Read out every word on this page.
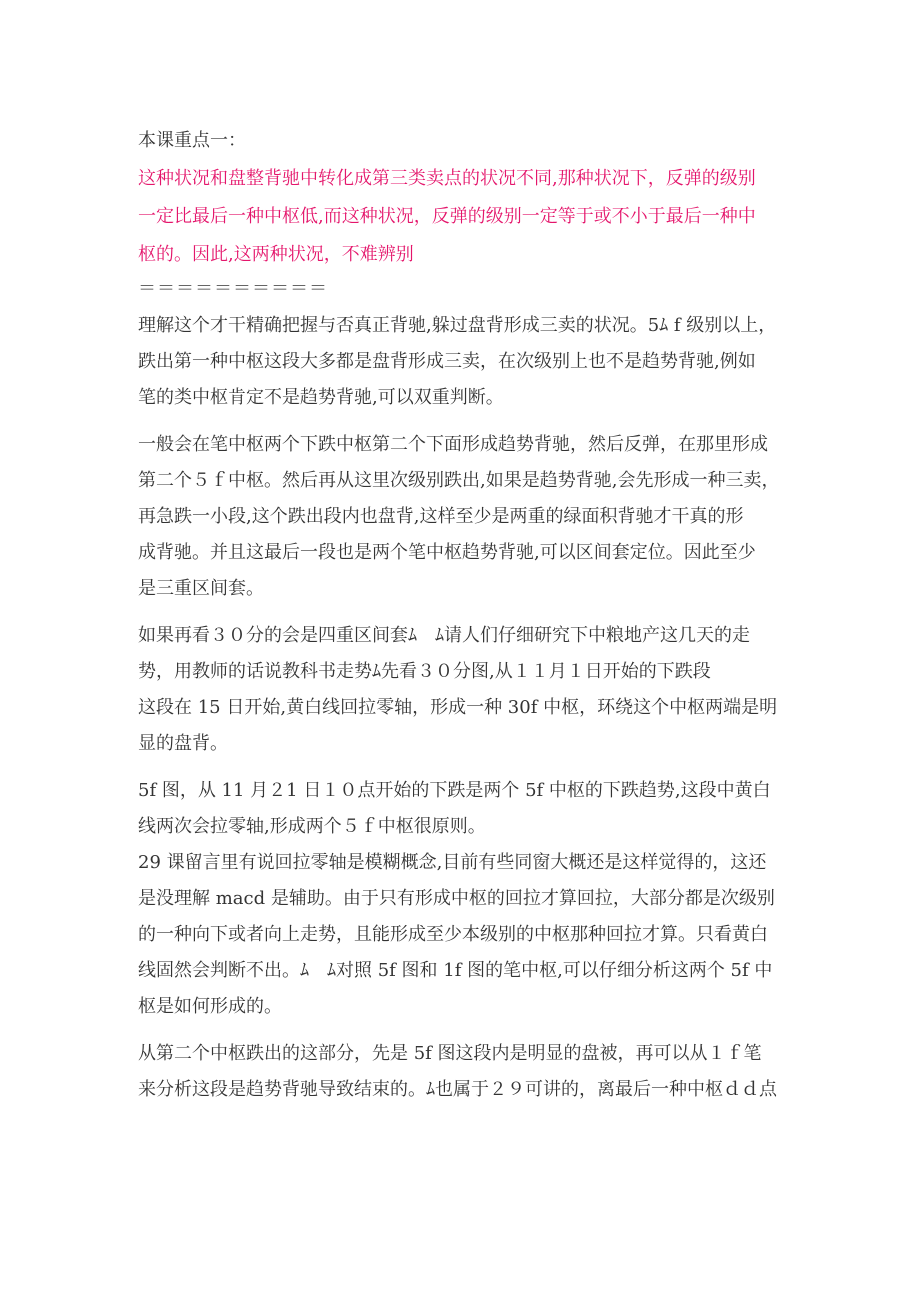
本课重点一：

这种状况和盘整背驰中转化成第三类卖点的状况不同,那种状况下，反弹的级别
一定比最后一种中枢低,而这种状况，反弹的级别一定等于或不小于最后一种中
枢的。因此,这两种状况，不难辨别

＝＝＝＝＝＝＝＝＝＝

理解这个才干精确把握与否真正背驰,躲过盘背形成三卖的状况。5ﾑ f 级别以上，
跌出第一种中枢这段大多都是盘背形成三卖，在次级别上也不是趋势背驰,例如
笔的类中枢肯定不是趋势背驰,可以双重判断。
一般会在笔中枢两个下跌中枢第二个下面形成趋势背驰，然后反弹，在那里形成
第二个５ｆ中枢。然后再从这里次级别跌出,如果是趋势背驰,会先形成一种三卖，
再急跌一小段,这个跌出段内也盘背,这样至少是两重的绿面积背驰才干真的形
成背驰。并且这最后一段也是两个笔中枢趋势背驰,可以区间套定位。因此至少
是三重区间套。
如果再看３０分的会是四重区间套ﾑ　ﾑ请人们仔细研究下中粮地产这几天的走
势，用教师的话说教科书走势ﾑ先看３０分图,从１１月１日开始的下跌段
这段在 15 日开始,黄白线回拉零轴，形成一种 30f 中枢，环绕这个中枢两端是明
显的盘背。
5f 图，从 11 月２1 日１０点开始的下跌是两个 5f 中枢的下跌趋势,这段中黄白
线两次会拉零轴,形成两个５ｆ中枢很原则。
29 课留言里有说回拉零轴是模糊概念,目前有些同窗大概还是这样觉得的，这还
是没理解 macd 是辅助。由于只有形成中枢的回拉才算回拉，大部分都是次级别
的一种向下或者向上走势，且能形成至少本级别的中枢那种回拉才算。只看黄白
线固然会判断不出。ﾑ　ﾑ对照 5f 图和 1f 图的笔中枢,可以仔细分析这两个 5f 中
枢是如何形成的。
从第二个中枢跌出的这部分，先是 5f 图这段内是明显的盘被，再可以从１ｆ笔
来分析这段是趋势背驰导致结束的。ﾑ也属于２９可讲的，离最后一种中枢ｄｄ点
